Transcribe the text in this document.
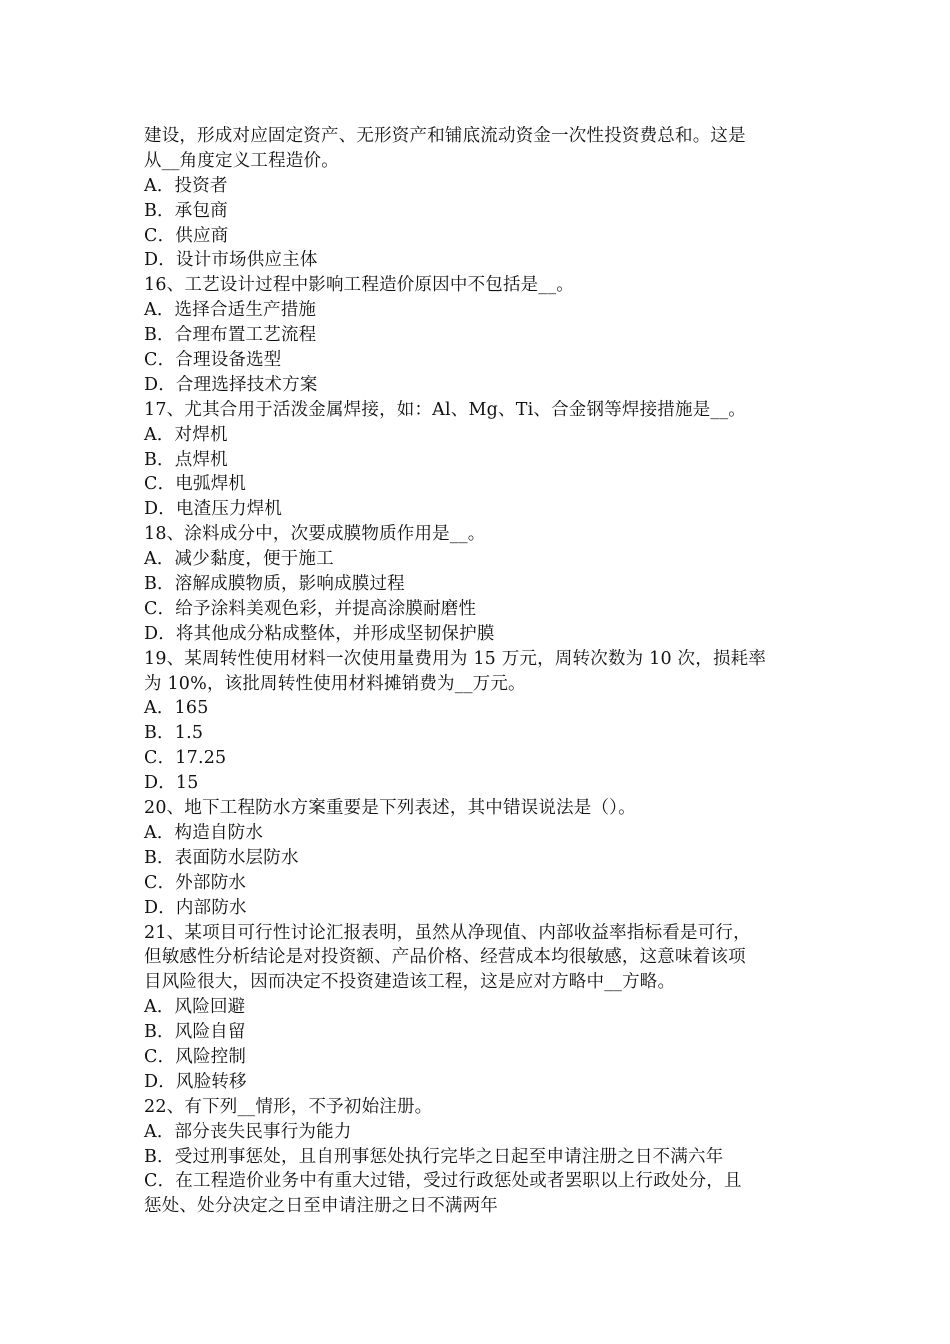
建设，形成对应固定资产、无形资产和铺底流动资金一次性投资费总和。这是
从__角度定义工程造价。
A．投资者
B．承包商
C．供应商
D．设计市场供应主体
16、工艺设计过程中影响工程造价原因中不包括是__。
A．选择合适生产措施
B．合理布置工艺流程
C．合理设备选型
D．合理选择技术方案
17、尤其合用于活泼金属焊接，如：Al、Mg、Ti、合金钢等焊接措施是__。
A．对焊机
B．点焊机
C．电弧焊机
D．电渣压力焊机
18、涂料成分中，次要成膜物质作用是__。
A．减少黏度，便于施工
B．溶解成膜物质，影响成膜过程
C．给予涂料美观色彩，并提高涂膜耐磨性
D．将其他成分粘成整体，并形成坚韧保护膜
19、某周转性使用材料一次使用量费用为 15 万元，周转次数为 10 次，损耗率
为 10%，该批周转性使用材料摊销费为__万元。
A．165
B．1.5
C．17.25
D．15
20、地下工程防水方案重要是下列表述，其中错误说法是（）。
A．构造自防水
B．表面防水层防水
C．外部防水
D．内部防水
21、某项目可行性讨论汇报表明，虽然从净现值、内部收益率指标看是可行，
但敏感性分析结论是对投资额、产品价格、经营成本均很敏感，这意味着该项
目风险很大，因而决定不投资建造该工程，这是应对方略中__方略。
A．风险回避
B．风险自留
C．风险控制
D．风脸转移
22、有下列__情形，不予初始注册。
A．部分丧失民事行为能力
B．受过刑事惩处，且自刑事惩处执行完毕之日起至申请注册之日不满六年
C．在工程造价业务中有重大过错，受过行政惩处或者罢职以上行政处分，且
惩处、处分决定之日至申请注册之日不满两年
